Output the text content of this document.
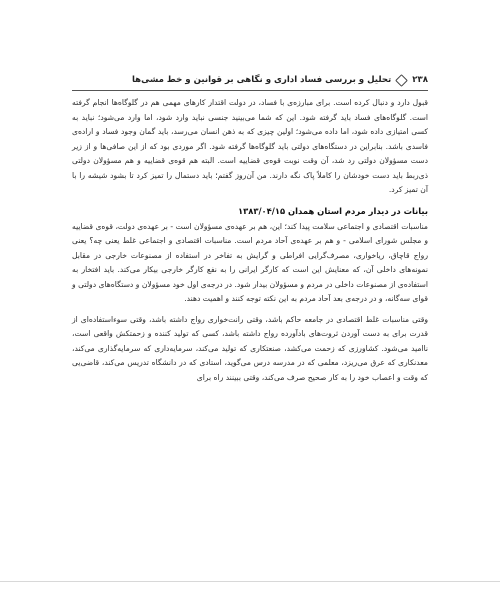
۲۳۸
تحلیل و بررسی فساد اداری و نگاهی بر قوانین و خط مشی‌ها

قبول دارد و دنبال کرده است. برای مبارزه‌ی با فساد، در دولت اقتدار کارهای مهمی هم در گلوگاه‌ها انجام گرفته است. گلوگاه‌های فساد باید گرفته شود. این که شما می‌بینید جنسی نباید وارد شود، اما وارد می‌شود؛ نباید به کسی امتیازی داده شود، اما داده می‌شود؛ اولین چیزی که به ذهن انسان می‌رسد، باید گمان وجود فساد و اراده‌ی فاسدی باشد. بنابراین در دستگاه‌های دولتی باید گلوگاه‌ها گرفته شود. اگر موردی بود که از این صافی‌ها و از زیر دست مسؤولان دولتی رد شد، آن وقت نوبت قوه‌ی قضاییه است. البته هم قوه‌ی قضاییه و هم مسؤولان دولتی ذی‌ربط باید دست خودشان را کاملاً پاک نگه دارند. من آن‌روز گفتم؛ باید دستمال را تمیز کرد تا بشود شیشه را با آن تمیز کرد.

بیانات در دیدار مردم استان همدان ۱۳۸۳/۰۴/۱۵

مناسبات اقتصادی و اجتماعی سلامت پیدا کند؛ این، هم بر عهده‌ی مسؤولان است - بر عهده‌ی دولت، قوه‌ی قضاییه و مجلس شورای اسلامی - و هم بر عهده‌ی آحاد مردم است. مناسبات اقتصادی و اجتماعی غلط یعنی چه؟ یعنی رواج قاچاق، ریاخواری، مصرف‌گرایی افراطی و گرایش به تفاخر در استفاده از مصنوعات خارجی در مقابل نمونه‌های داخلی آن، که معنایش این است که کارگر ایرانی را به نفع کارگر خارجی بیکار می‌کند. باید افتخار به استفاده‌ی از مصنوعات داخلی در مردم و مسؤولان بیدار شود. در درجه‌ی اول خود مسؤولان و دستگاه‌های دولتی و قوای سه‌گانه، و در درجه‌ی بعد آحاد مردم به این نکته توجه کنند و اهمیت دهند.

وقتی مناسبات غلط اقتصادی در جامعه حاکم باشد، وقتی رانت‌خواری رواج داشته باشد، وقتی سوءاستفاده‌ای از قدرت برای به دست آوردن ثروت‌های بادآورده رواج داشته باشد، کسی که تولید کننده و زحمتکش واقعی است، ناامید می‌شود. کشاورزی که زحمت می‌کشد، صنعتکاری که تولید می‌کند، سرمایه‌داری که سرمایه‌گذاری می‌کند، معدنکاری که عرق می‌ریزد، معلمی که در مدرسه درس می‌گوید، استادی که در دانشگاه تدریس می‌کند، قاضی‌یی که وقت و اعصاب خود را به کار صحیح صرف می‌کند، وقتی ببینند راه برای
